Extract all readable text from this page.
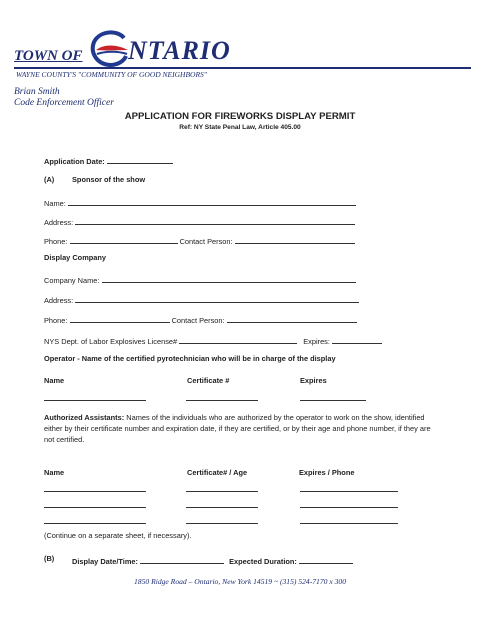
TOWN OF NTARIO
WAYNE COUNTY'S "COMMUNITY OF GOOD NEIGHBORS"
Brian Smith
Code Enforcement Officer
APPLICATION FOR FIREWORKS DISPLAY PERMIT
Ref: NY State Penal Law, Article 405.00
Application Date:
(A) Sponsor of the show
Name:
Address:
Phone:	Contact Person:
Display Company
Company Name:
Address:
Phone:	Contact Person:
NYS Dept. of Labor Explosives License#	Expires:
Operator - Name of the certified pyrotechnician who will be in charge of the display
Name	Certificate #	Expires
Authorized Assistants: Names of the individuals who are authorized by the operator to work on the show, identified either by their certificate number and expiration date, if they are certified, or by their age and phone number, if they are not certified.
Name	Certificate# / Age	Expires / Phone
(Continue on a separate sheet, if necessary).
(B) Display Date/Time:	Expected Duration:
1850 Ridge Road – Ontario, New York 14519 ~ (315) 524-7170 x 300
